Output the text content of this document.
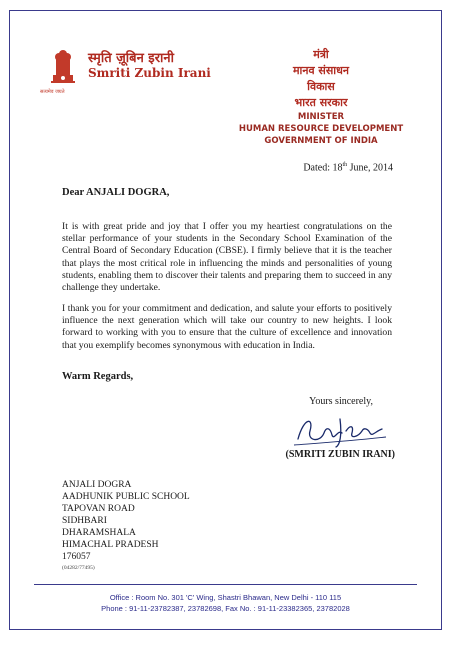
सत्यमेव जयते
स्मृति ज़ूबिन इरानी
Smriti Zubin Irani
मंत्री
मानव संसाधन
विकास
भारत सरकार
MINISTER
HUMAN RESOURCE DEVELOPMENT
GOVERNMENT OF INDIA
Dated: 18th June, 2014
Dear ANJALI DOGRA,
It is with great pride and joy that I offer you my heartiest congratulations on the stellar performance of your students in the Secondary School Examination of the Central Board of Secondary Education (CBSE). I firmly believe that it is the teacher that plays the most critical role in influencing the minds and personalities of young students, enabling them to discover their talents and preparing them to succeed in any challenge they undertake.
I thank you for your commitment and dedication, and salute your efforts to positively influence the next generation which will take our country to new heights. I look forward to working with you to ensure that the culture of excellence and innovation that you exemplify becomes synonymous with education in India.
Warm Regards,
Yours sincerely,
(SMRITI ZUBIN IRANI)
ANJALI DOGRA
AADHUNIK PUBLIC SCHOOL
TAPOVAN ROAD
SIDHBARI
DHARAMSHALA
HIMACHAL PRADESH
176057
(04282/77495)
Office : Room No. 301 'C' Wing, Shastri Bhawan, New Delhi - 110 115
Phone : 91-11-23782387, 23782698, Fax No. : 91-11-23382365, 23782028
